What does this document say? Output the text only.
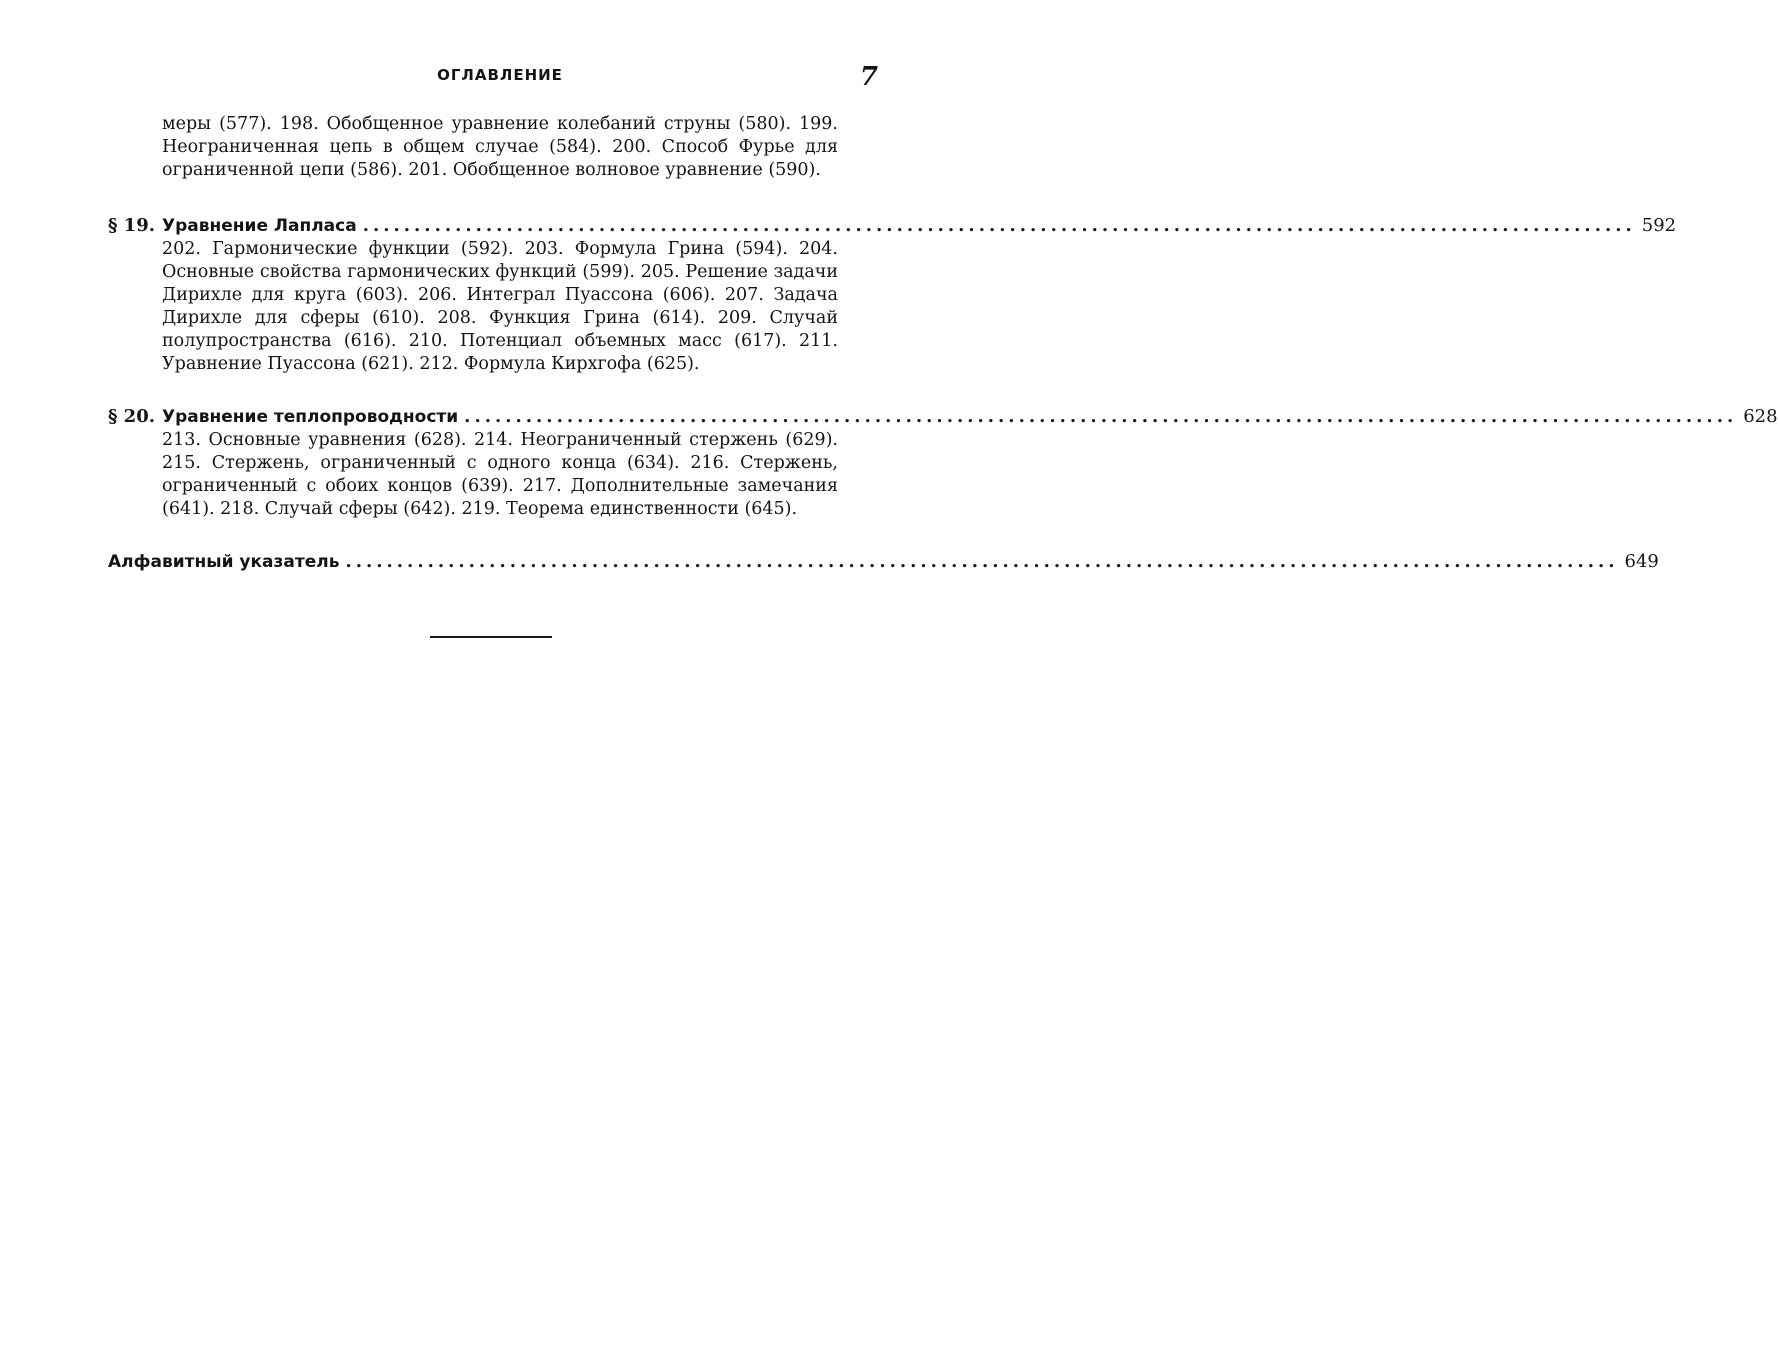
ОГЛАВЛЕНИЕ	7
меры (577). 198. Обобщенное уравнение колебаний струны (580). 199. Неограниченная цепь в общем случае (584). 200. Способ Фурье для ограниченной цепи (586). 201. Обобщенное волновое уравнение (590).
§ 19. Уравнение Лапласа ............................................................................................................................ 592
202. Гармонические функции (592). 203. Формула Грина (594). 204. Основные свойства гармонических функций (599). 205. Решение задачи Дирихле для круга (603). 206. Интеграл Пуассона (606). 207. Задача Дирихле для сферы (610). 208. Функция Грина (614). 209. Случай полупространства (616). 210. Потенциал объемных масс (617). 211. Уравнение Пуассона (621). 212. Формула Кирхгофа (625).
§ 20. Уравнение теплопроводности ............................................................................................................................ 628
213. Основные уравнения (628). 214. Неограниченный стержень (629). 215. Стержень, ограниченный с одного конца (634). 216. Стержень, ограниченный с обоих концов (639). 217. Дополнительные замечания (641). 218. Случай сферы (642). 219. Теорема единственности (645).
Алфавитный указатель ............................................................................................................................ 649
